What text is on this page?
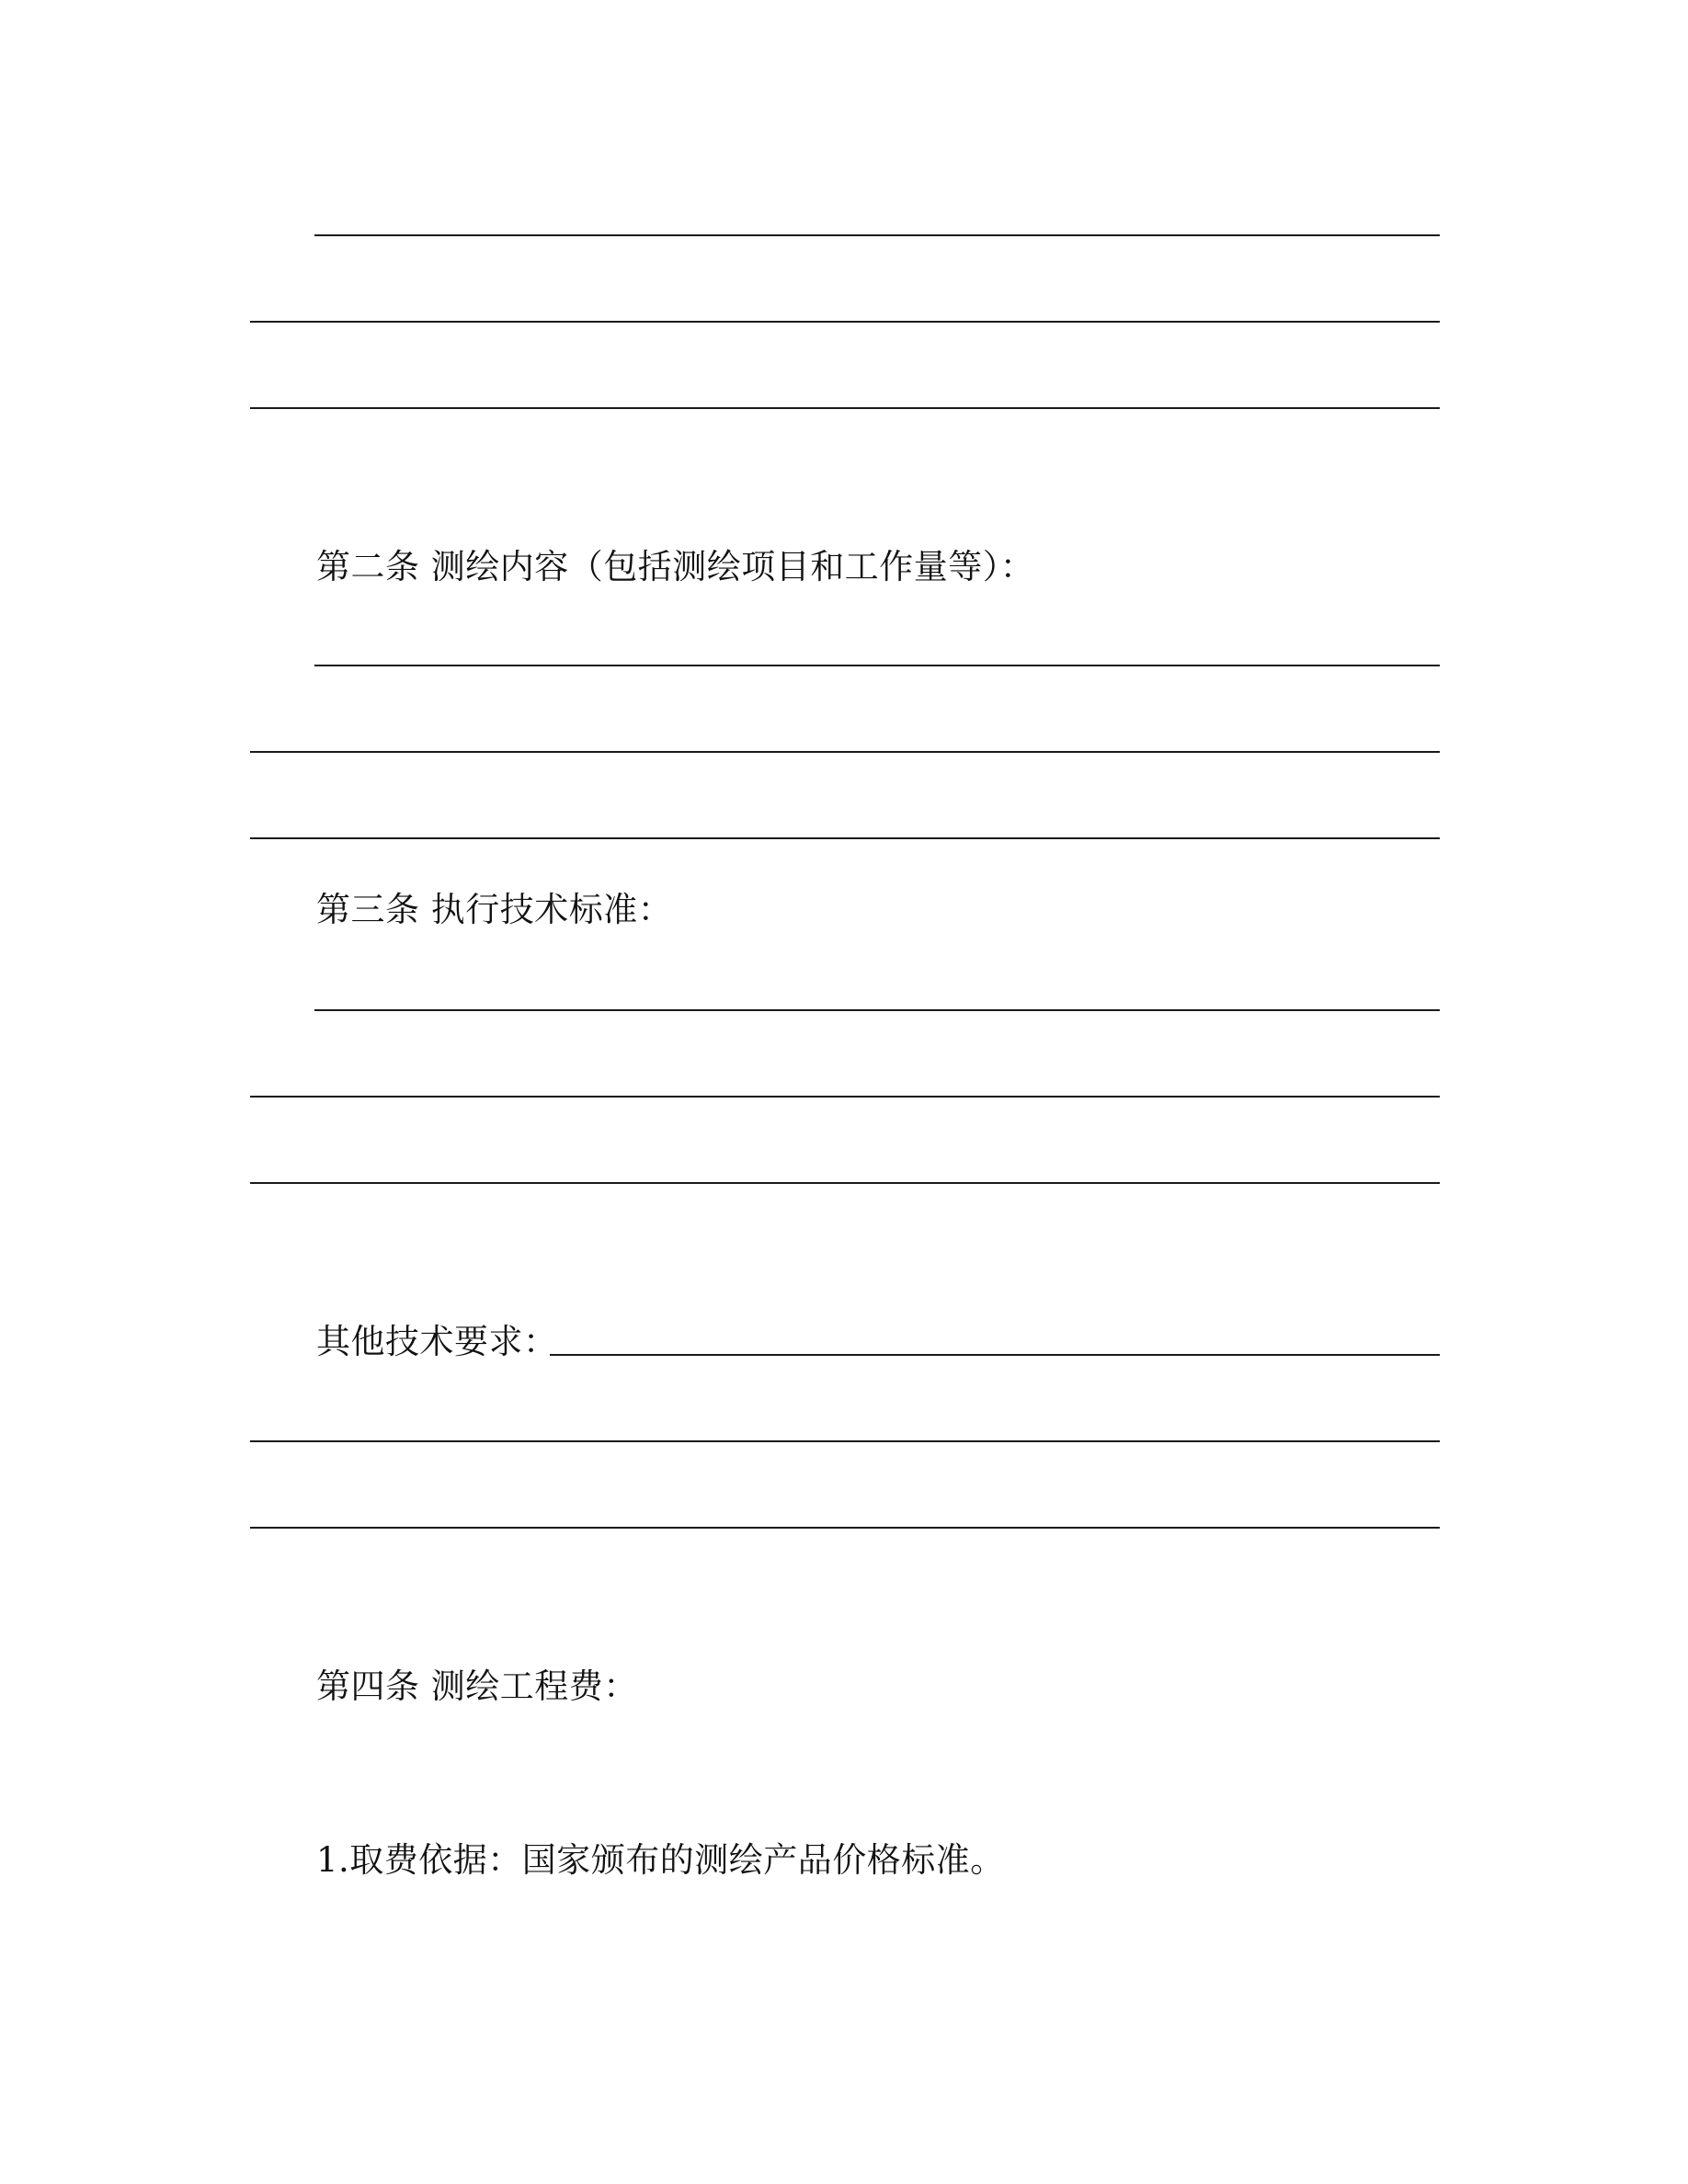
第二条 测绘内容（包括测绘项目和工作量等）：
第三条 执行技术标准：
其他技术要求：
第四条 测绘工程费：
1.取费依据：国家颁布的测绘产品价格标准。
